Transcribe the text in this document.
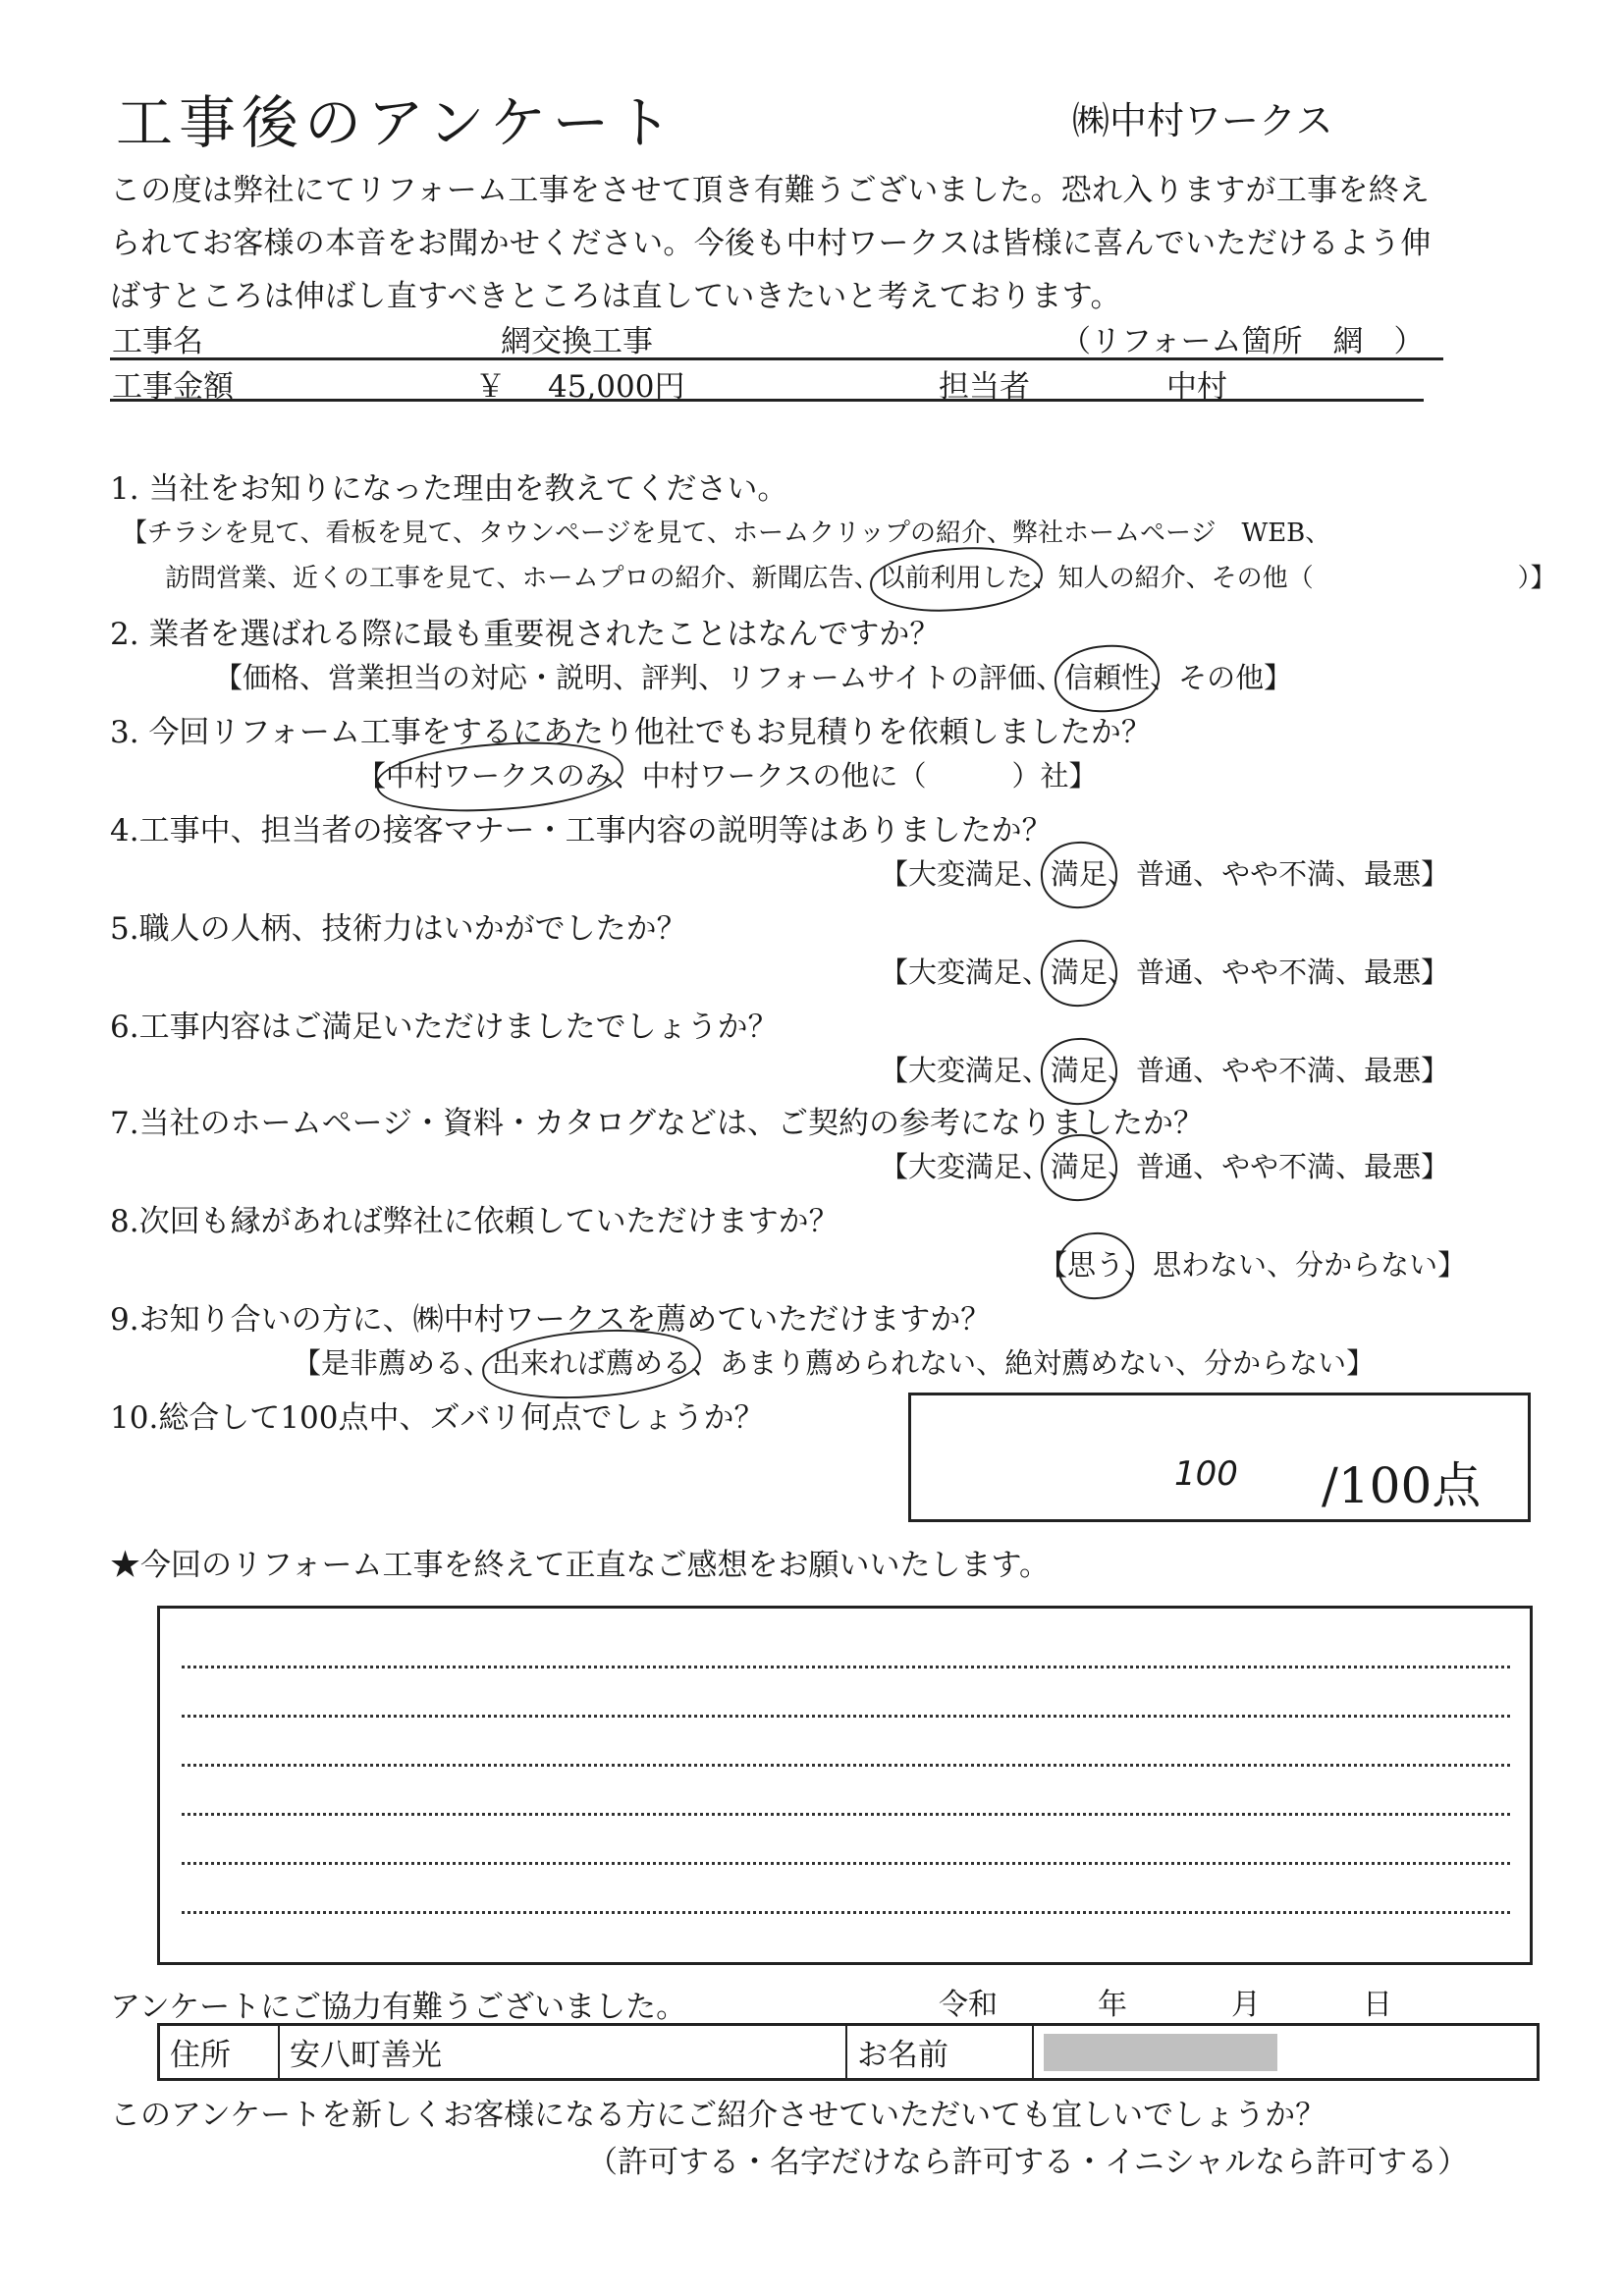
工事後のアンケート	㈱中村ワークス
この度は弊社にてリフォーム工事をさせて頂き有難うございました。恐れ入りますが工事を終え
られてお客様の本音をお聞かせください。今後も中村ワークスは皆様に喜んでいただけるよう伸
ばすところは伸ばし直すべきところは直していきたいと考えております。
工事名	網交換工事	（リフォーム箇所　網　）
工事金額	￥ 45,000円	担当者	中村
1. 当社をお知りになった理由を教えてください。
【チラシを見て、看板を見て、タウンページを見て、ホームクリップの紹介、弊社ホームページ　WEB、
訪問営業、近くの工事を見て、ホームプロの紹介、新聞広告、以前利用した、知人の紹介、その他（　　　　　　　　）】
2. 業者を選ばれる際に最も重要視されたことはなんですか？
【価格、営業担当の対応・説明、評判、リフォームサイトの評価、信頼性、その他】
3. 今回リフォーム工事をするにあたり他社でもお見積りを依頼しましたか？
【中村ワークスのみ、中村ワークスの他に（　　　）社】
4.工事中、担当者の接客マナー・工事内容の説明等はありましたか？
【大変満足、満足、普通、やや不満、最悪】
5.職人の人柄、技術力はいかがでしたか？
【大変満足、満足、普通、やや不満、最悪】
6.工事内容はご満足いただけましたでしょうか？
【大変満足、満足、普通、やや不満、最悪】
7.当社のホームページ・資料・カタログなどは、ご契約の参考になりましたか？
【大変満足、満足、普通、やや不満、最悪】
8.次回も縁があれば弊社に依頼していただけますか？
【思う、思わない、分からない】
9.お知り合いの方に、㈱中村ワークスを薦めていただけますか？
【是非薦める、出来れば薦める、あまり薦められない、絶対薦めない、分からない】
10.総合して100点中、ズバリ何点でしょうか？
100 /100点
★今回のリフォーム工事を終えて正直なご感想をお願いいたします。
アンケートにご協力有難うございました。	令和	年	月	日
住所	安八町善光	お名前	
このアンケートを新しくお客様になる方にご紹介させていただいても宜しいでしょうか？
（許可する・名字だけなら許可する・イニシャルなら許可する）
